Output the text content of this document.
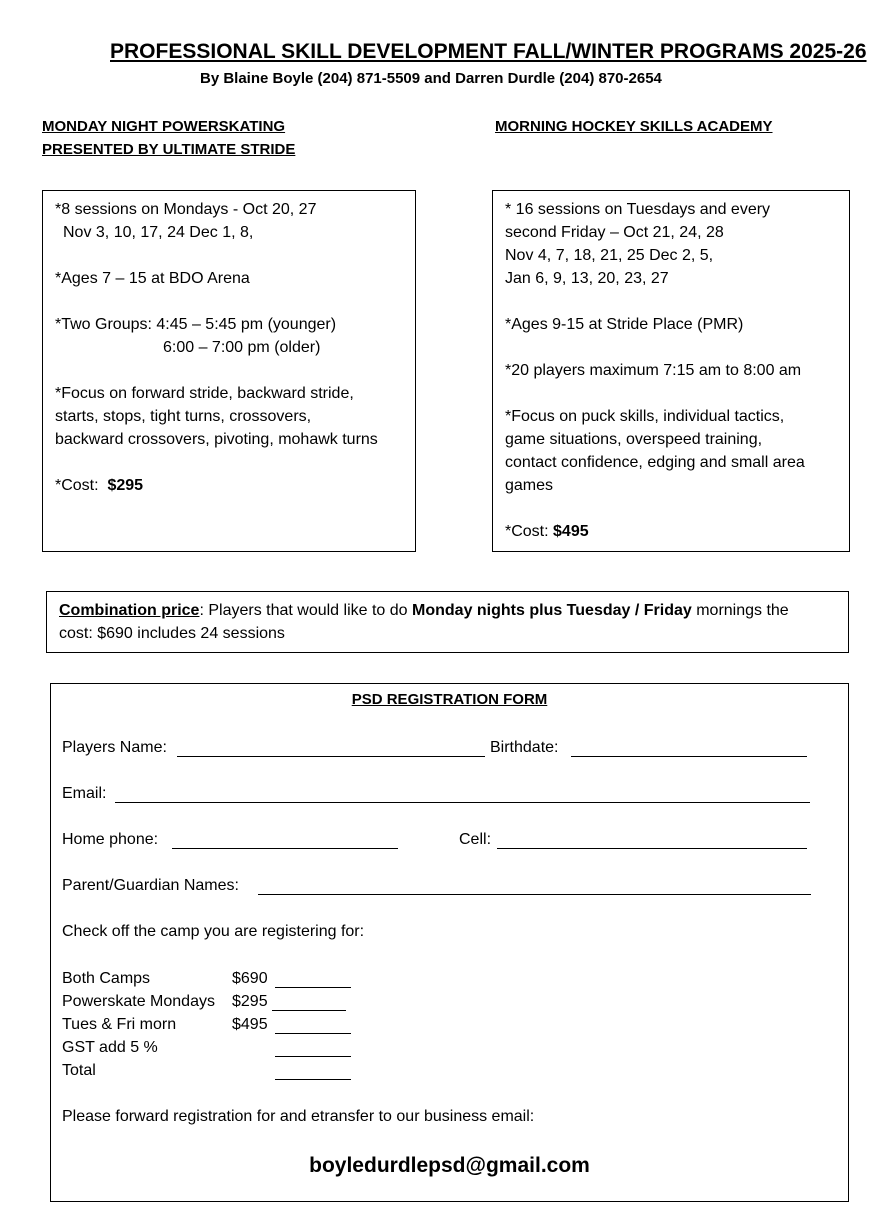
PROFESSIONAL SKILL DEVELOPMENT FALL/WINTER PROGRAMS 2025-26
By Blaine Boyle (204) 871-5509 and Darren Durdle (204) 870-2654
MONDAY NIGHT POWERSKATING
PRESENTED BY ULTIMATE STRIDE
MORNING HOCKEY SKILLS ACADEMY

*8 sessions on Mondays - Oct 20, 27

Nov 3, 10, 17, 24 Dec 1, 8,

*Ages 7 – 15 at BDO Arena

*Two Groups: 4:45 – 5:45 pm (younger)

6:00 – 7:00 pm (older)

*Focus on forward stride, backward stride,

starts, stops, tight turns, crossovers,

backward crossovers, pivoting, mohawk turns

*Cost: $295

* 16 sessions on Tuesdays and every

second Friday – Oct 21, 24, 28

Nov 4, 7, 18, 21, 25 Dec 2, 5,

Jan 6, 9, 13, 20, 23, 27

*Ages 9-15 at Stride Place (PMR)

*20 players maximum 7:15 am to 8:00 am

*Focus on puck skills, individual tactics,

game situations, overspeed training,

contact confidence, edging and small area

games

*Cost: $495

Combination price: Players that would like to do Monday nights plus Tuesday / Friday mornings the
cost: $690 includes 24 sessions
PSD REGISTRATION FORM
Players Name:	Birthdate:
Email:
Home phone:	Cell:
Parent/Guardian Names:
Check off the camp you are registering for:
Both Camps	$690
Powerskate Mondays $295
Tues & Fri morn	$495
GST add 5 %
Total
Please forward registration for and etransfer to our business email:
boyledurdlepsd@gmail.com
